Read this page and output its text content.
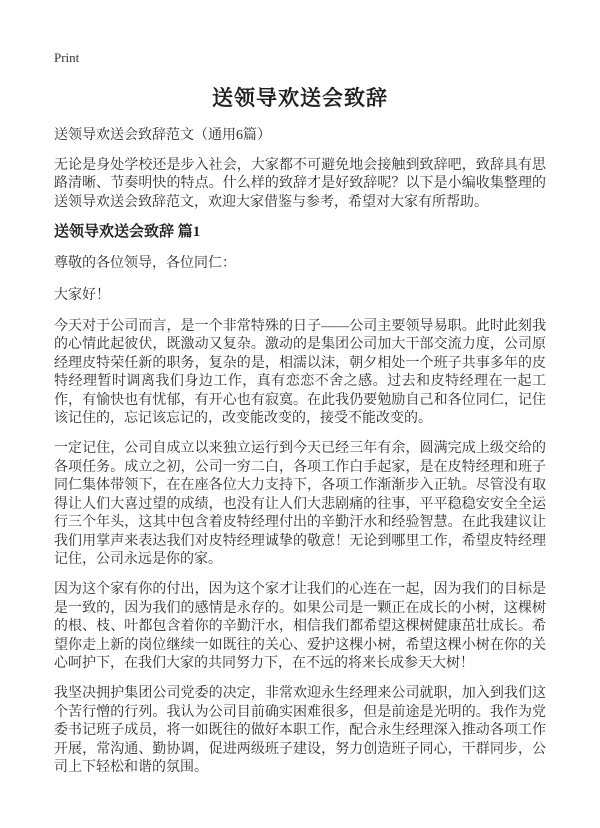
Print
送领导欢送会致辞

送领导欢送会致辞范文（通用6篇）

无论是身处学校还是步入社会，大家都不可避免地会接触到致辞吧，致辞具有思路清晰、节奏明快的特点。什么样的致辞才是好致辞呢？以下是小编收集整理的送领导欢送会致辞范文，欢迎大家借鉴与参考，希望对大家有所帮助。

送领导欢送会致辞 篇1

尊敬的各位领导，各位同仁：

大家好！

今天对于公司而言，是一个非常特殊的日子——公司主要领导易职。此时此刻我的心情此起彼伏，既激动又复杂。激动的是集团公司加大干部交流力度，公司原经理皮特荣任新的职务，复杂的是，相濡以沫，朝夕相处一个班子共事多年的皮特经理暂时调离我们身边工作，真有恋恋不舍之感。过去和皮特经理在一起工作，有愉快也有忧郁，有开心也有寂寞。在此我仍要勉励自己和各位同仁，记住该记住的，忘记该忘记的，改变能改变的，接受不能改变的。

一定记住，公司自成立以来独立运行到今天已经三年有余，圆满完成上级交给的各项任务。成立之初，公司一穷二白，各项工作白手起家，是在皮特经理和班子同仁集体带领下，在在座各位大力支持下，各项工作渐渐步入正轨。尽管没有取得让人们大喜过望的成绩，也没有让人们大悲剧痛的往事，平平稳稳安安全全运行三个年头，这其中包含着皮特经理付出的辛勤汗水和经验智慧。在此我建议让我们用掌声来表达我们对皮特经理诚挚的敬意！无论到哪里工作，希望皮特经理记住，公司永远是你的家。

因为这个家有你的付出，因为这个家才让我们的心连在一起，因为我们的目标是是一致的，因为我们的感情是永存的。如果公司是一颗正在成长的小树，这棵树的根、枝、叶都包含着你的辛勤汗水，相信我们都希望这棵树健康茁壮成长。希望你走上新的岗位继续一如既往的关心、爱护这棵小树，希望这棵小树在你的关心呵护下，在我们大家的共同努力下，在不远的将来长成参天大树！

我坚决拥护集团公司党委的决定，非常欢迎永生经理来公司就职，加入到我们这个苦行憎的行列。我认为公司目前确实困难很多，但是前途是光明的。我作为党委书记班子成员，将一如既往的做好本职工作，配合永生经理深入推动各项工作开展，常沟通、勤协调，促进两级班子建设，努力创造班子同心，干群同步，公司上下轻松和谐的氛围。
